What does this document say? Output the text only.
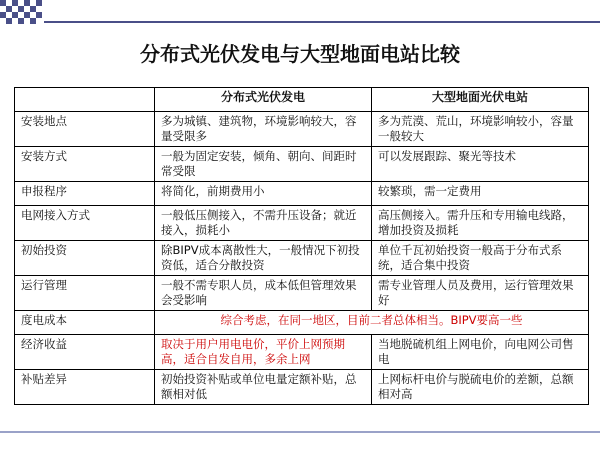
分布式光伏发电与大型地面电站比较
	分布式光伏发电	大型地面光伏电站
安装地点	多为城镇、建筑物，环境影响较大，容量受限多	多为荒漠、荒山，环境影响较小，容量一般较大
安装方式	一般为固定安装，倾角、朝向、间距时常受限	可以发展跟踪、聚光等技术
申报程序	将简化，前期费用小	较繁琐，需一定费用
电网接入方式	一般低压侧接入，不需升压设备；就近接入，损耗小	高压侧接入。需升压和专用输电线路，增加投资及损耗
初始投资	除BIPV成本离散性大，一般情况下初投资低，适合分散投资	单位千瓦初始投资一般高于分布式系统，适合集中投资
运行管理	一般不需专职人员，成本低但管理效果会受影响	需专业管理人员及费用，运行管理效果好
度电成本	综合考虑，在同一地区，目前二者总体相当。BIPV要高一些	
经济收益	取决于用户用电电价，平价上网预期高，适合自发自用，多余上网	当地脱硫机组上网电价，向电网公司售电
补贴差异	初始投资补贴或单位电量定额补贴，总额相对低	上网标杆电价与脱硫电价的差额，总额相对高
